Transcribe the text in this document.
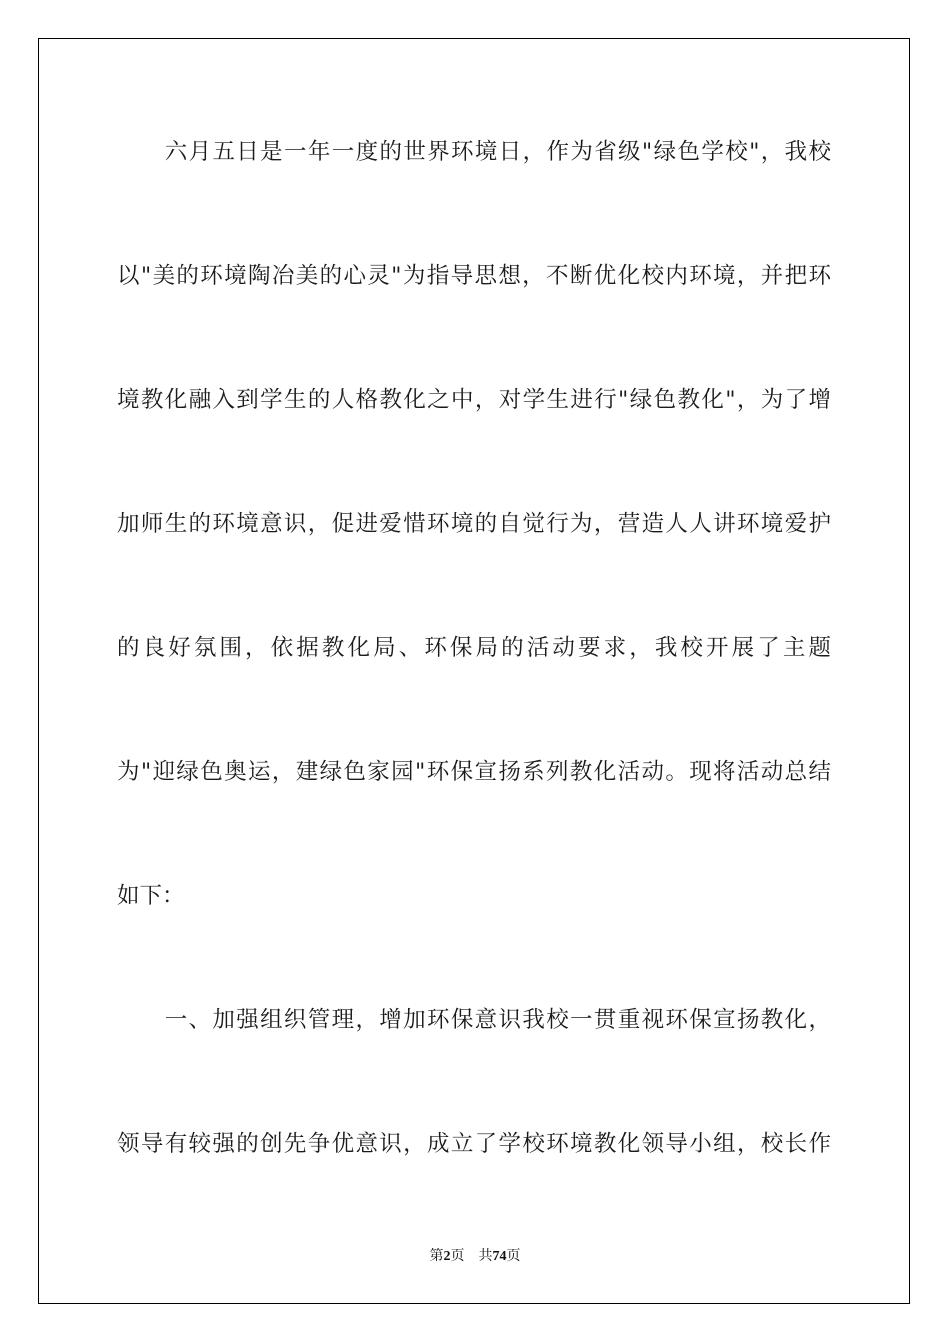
　　六月五日是一年一度的世界环境日，作为省级"绿色学校"，我校

以"美的环境陶冶美的心灵"为指导思想，不断优化校内环境，并把环

境教化融入到学生的人格教化之中，对学生进行"绿色教化"，为了增

加师生的环境意识，促进爱惜环境的自觉行为，营造人人讲环境爱护

的良好氛围，依据教化局、环保局的活动要求，我校开展了主题

为"迎绿色奥运，建绿色家园"环保宣扬系列教化活动。现将活动总结

如下：

　　一、加强组织管理，增加环保意识我校一贯重视环保宣扬教化，

领导有较强的创先争优意识，成立了学校环境教化领导小组，校长作

第2页 共74页
